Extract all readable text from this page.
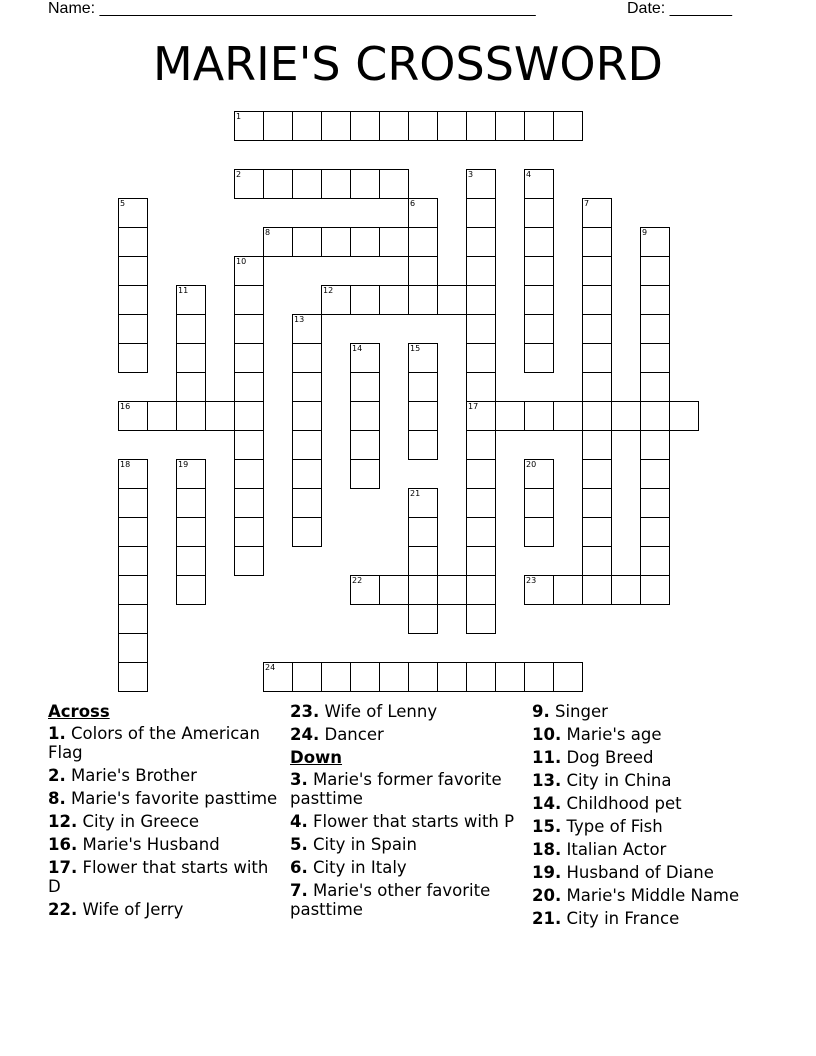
Name: _________________________________________________	Date: _______
MARIE'S CROSSWORD
1
2	3
17
4
5	6	7
8	9
10
11	12
13
14	15
16
18	19	20
21
22	23
24
Across
1. Colors of the American Flag
2. Marie's Brother
8. Marie's favorite pasttime
12. City in Greece
16. Marie's Husband
17. Flower that starts with D
22. Wife of Jerry
23. Wife of Lenny
24. Dancer
Down
3. Marie's former favorite pasttime
4. Flower that starts with P
5. City in Spain
6. City in Italy
7. Marie's other favorite pasttime
9. Singer
10. Marie's age
11. Dog Breed
13. City in China
14. Childhood pet
15. Type of Fish
18. Italian Actor
19. Husband of Diane
20. Marie's Middle Name
21. City in France
